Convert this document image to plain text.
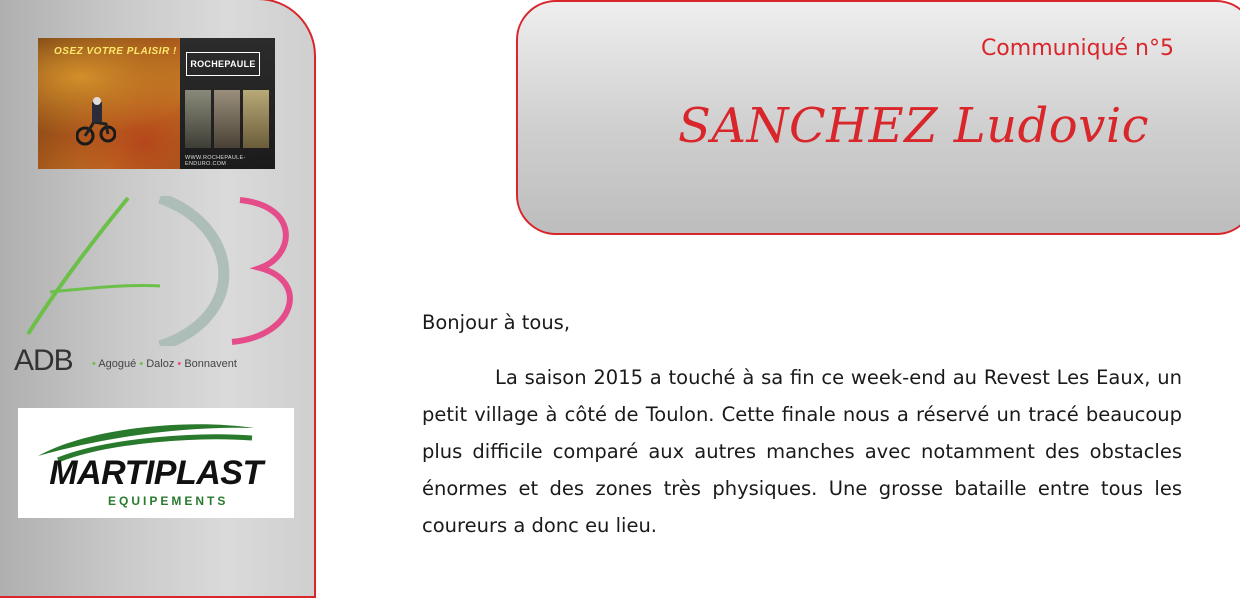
OSEZ VOTRE PLAISIR !
ROCHEPAULE
WWW.ROCHEPAULE-ENDURO.COM
ADB • Agogué • Daloz • Bonnavent
MARTIPLAST
EQUIPEMENTS
Communiqué n°5
SANCHEZ Ludovic

Bonjour à tous,

La saison 2015 a touché à sa fin ce week-end au Revest Les Eaux, un petit village à côté de Toulon. Cette finale nous a réservé un tracé beaucoup plus difficile comparé aux autres manches avec notamment des obstacles énormes et des zones très physiques. Une grosse bataille entre tous les coureurs a donc eu lieu.
